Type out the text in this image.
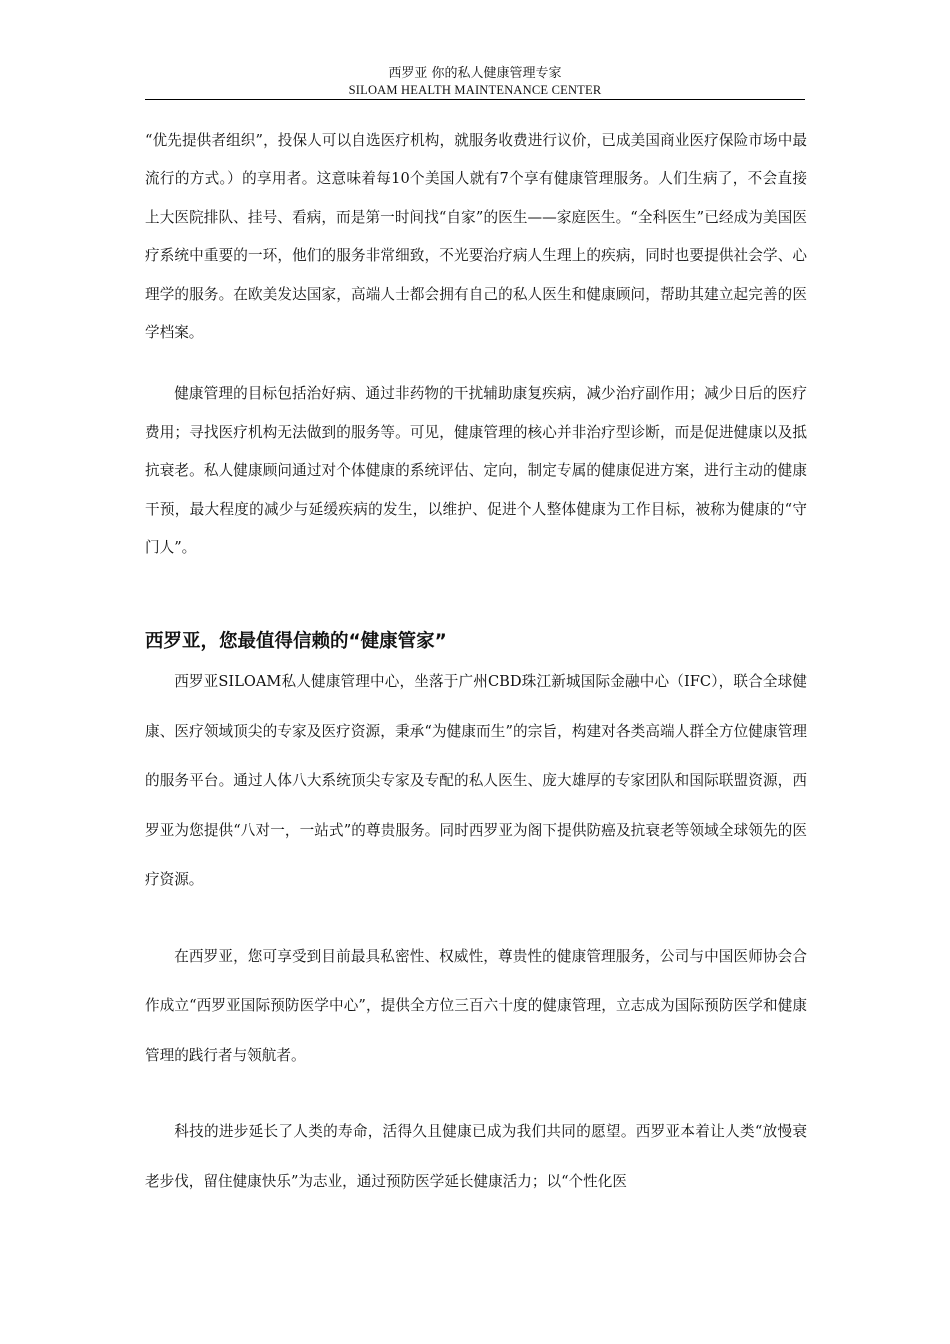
西罗亚 你的私人健康管理专家
SILOAM HEALTH MAINTENANCE CENTER

“优先提供者组织”，投保人可以自选医疗机构，就服务收费进行议价，已成美国商业医疗保险市场中最流行的方式。）的享用者。这意味着每10个美国人就有7个享有健康管理服务。人们生病了，不会直接上大医院排队、挂号、看病，而是第一时间找“自家”的医生——家庭医生。“全科医生”已经成为美国医疗系统中重要的一环，他们的服务非常细致，不光要治疗病人生理上的疾病，同时也要提供社会学、心理学的服务。在欧美发达国家，高端人士都会拥有自己的私人医生和健康顾问，帮助其建立起完善的医学档案。

健康管理的目标包括治好病、通过非药物的干扰辅助康复疾病，减少治疗副作用；减少日后的医疗费用；寻找医疗机构无法做到的服务等。可见，健康管理的核心并非治疗型诊断，而是促进健康以及抵抗衰老。私人健康顾问通过对个体健康的系统评估、定向，制定专属的健康促进方案，进行主动的健康干预，最大程度的减少与延缓疾病的发生，以维护、促进个人整体健康为工作目标，被称为健康的“守门人”。

西罗亚，您最值得信赖的“健康管家”

西罗亚SILOAM私人健康管理中心，坐落于广州CBD珠江新城国际金融中心（IFC），联合全球健康、医疗领域顶尖的专家及医疗资源，秉承“为健康而生”的宗旨，构建对各类高端人群全方位健康管理的服务平台。通过人体八大系统顶尖专家及专配的私人医生、庞大雄厚的专家团队和国际联盟资源，西罗亚为您提供“八对一，一站式”的尊贵服务。同时西罗亚为阁下提供防癌及抗衰老等领域全球领先的医疗资源。

在西罗亚，您可享受到目前最具私密性、权威性，尊贵性的健康管理服务，公司与中国医师协会合作成立“西罗亚国际预防医学中心”，提供全方位三百六十度的健康管理，立志成为国际预防医学和健康管理的践行者与领航者。

科技的进步延长了人类的寿命，活得久且健康已成为我们共同的愿望。西罗亚本着让人类“放慢衰老步伐，留住健康快乐”为志业，通过预防医学延长健康活力；以“个性化医
